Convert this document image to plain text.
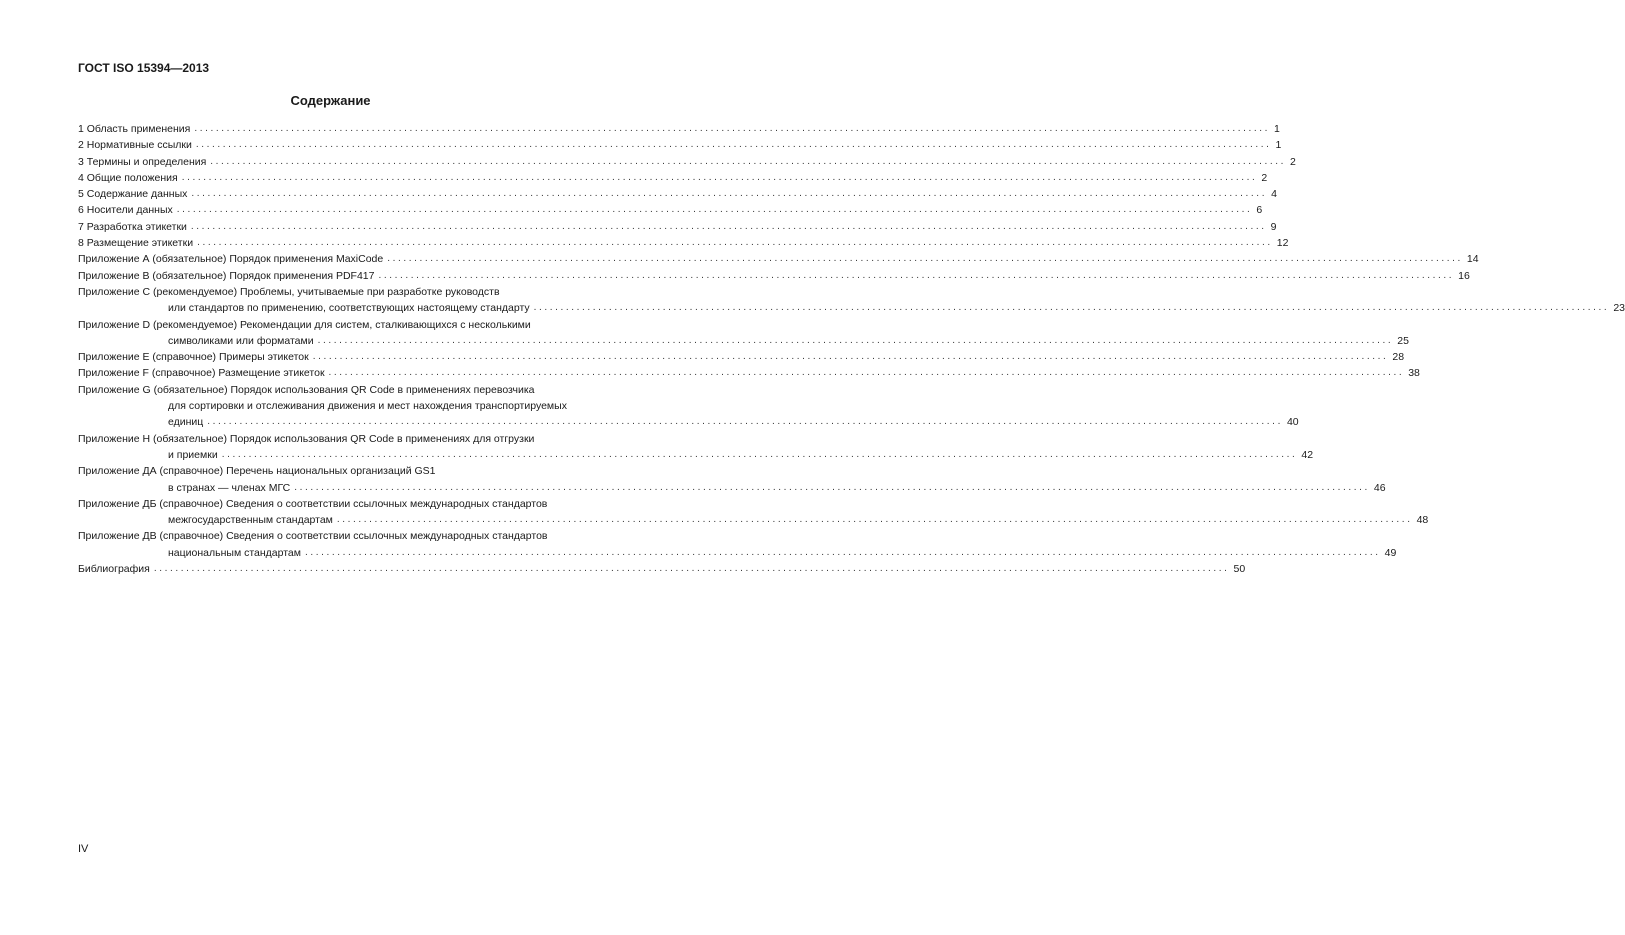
ГОСТ ISO 15394—2013
Содержание
1 Область применения ........................................................................................................................................................................................................ 1
2 Нормативные ссылки ........................................................................................................................................................................................................ 1
3 Термины и определения ........................................................................................................................................................................................................ 2
4 Общие положения ........................................................................................................................................................................................................ 2
5 Содержание данных ........................................................................................................................................................................................................ 4
6 Носители данных ........................................................................................................................................................................................................ 6
7 Разработка этикетки ........................................................................................................................................................................................................ 9
8 Размещение этикетки ........................................................................................................................................................................................................ 12
Приложение А (обязательное) Порядок применения MaxiCode ........................................................................................................................................................................................................ 14
Приложение В (обязательное) Порядок применения PDF417 ........................................................................................................................................................................................................ 16
Приложение С (рекомендуемое) Проблемы, учитываемые при разработке руководств
или стандартов по применению, соответствующих настоящему стандарту ........................................................................................................................................................................................................ 23
Приложение D (рекомендуемое) Рекомендации для систем, сталкивающихся с несколькими
символиками или форматами ........................................................................................................................................................................................................ 25
Приложение Е (справочное) Примеры этикеток ........................................................................................................................................................................................................ 28
Приложение F (справочное) Размещение этикеток ........................................................................................................................................................................................................ 38
Приложение G (обязательное) Порядок использования QR Code в применениях перевозчика
для сортировки и отслеживания движения и мест нахождения транспортируемых
единиц ........................................................................................................................................................................................................ 40
Приложение Н (обязательное) Порядок использования QR Code в применениях для отгрузки
и приемки ........................................................................................................................................................................................................ 42
Приложение ДА (справочное) Перечень национальных организаций GS1
в странах — членах МГС ........................................................................................................................................................................................................ 46
Приложение ДБ (справочное) Сведения о соответствии ссылочных международных стандартов
межгосударственным стандартам ........................................................................................................................................................................................................ 48
Приложение ДВ (справочное) Сведения о соответствии ссылочных международных стандартов
национальным стандартам ........................................................................................................................................................................................................ 49
Библиография ........................................................................................................................................................................................................ 50
IV
